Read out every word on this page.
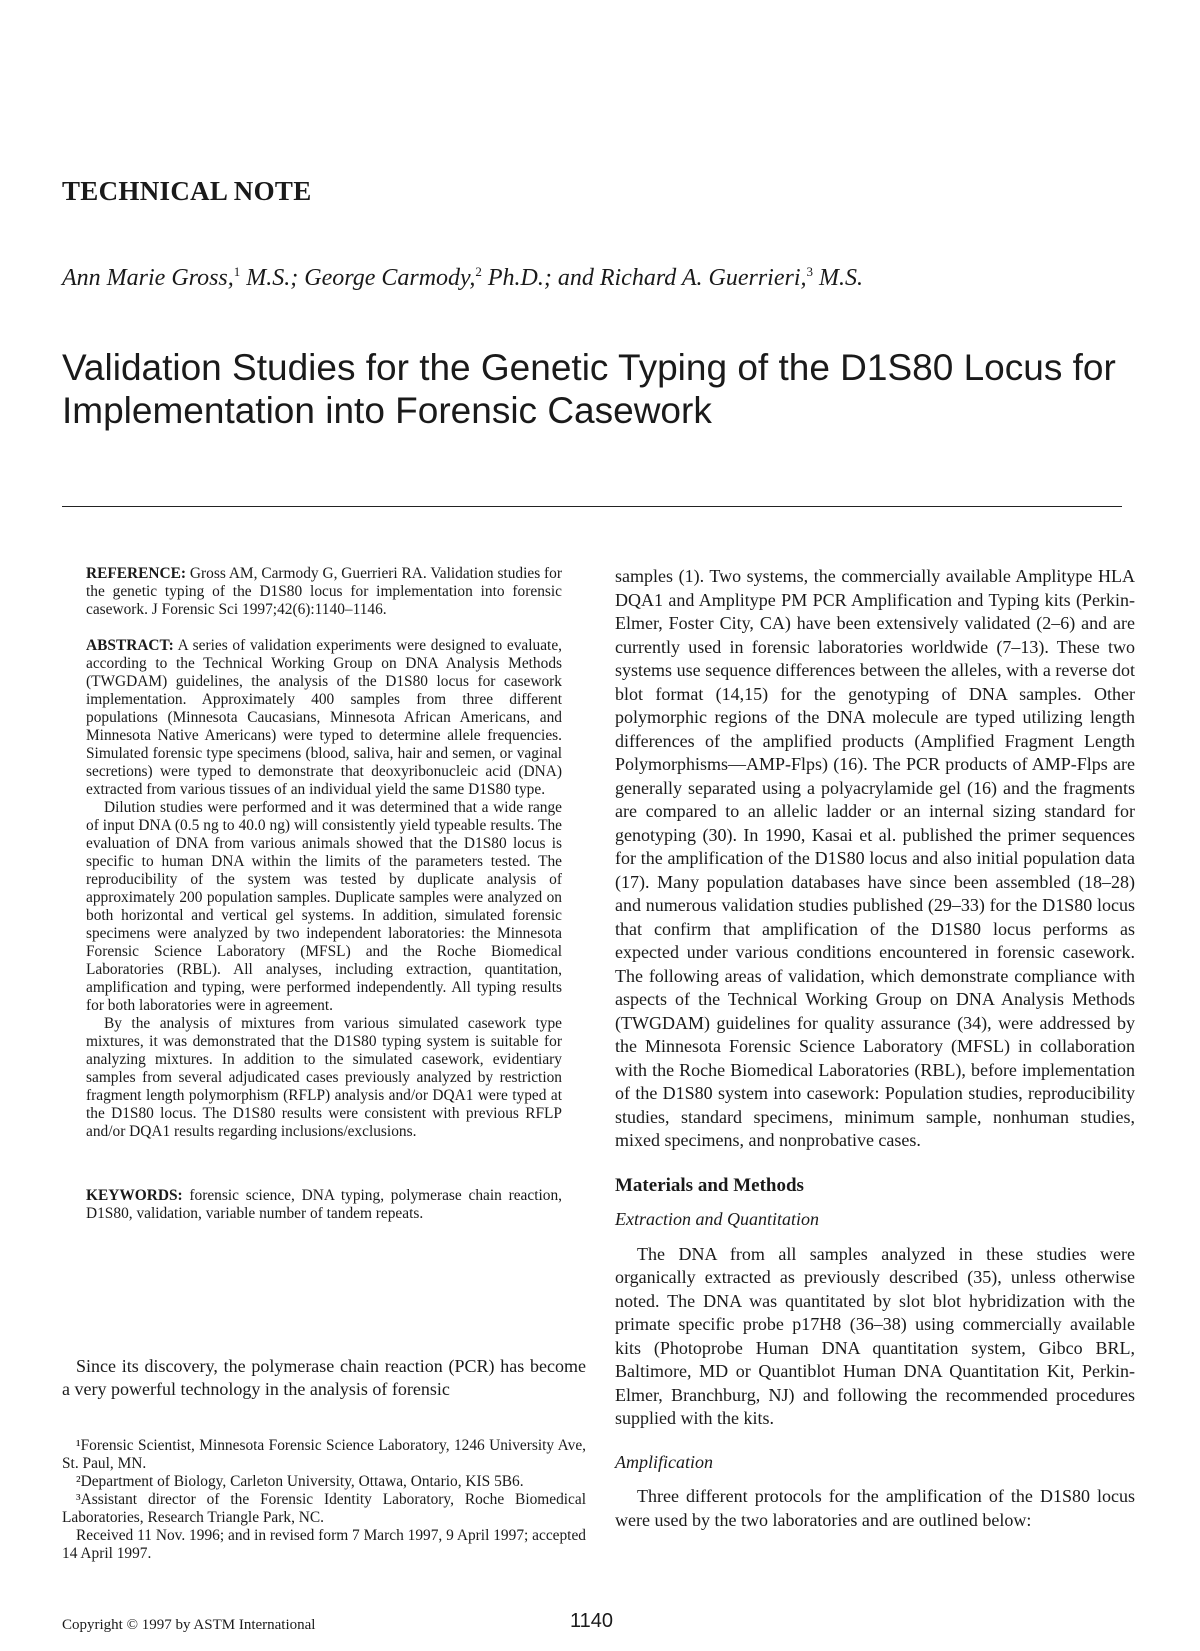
TECHNICAL NOTE
Ann Marie Gross,$^1$ M.S.; George Carmody,$^2$ Ph.D.; and Richard A. Guerrieri,$^3$ M.S.
Validation Studies for the Genetic Typing of the D1S80 Locus for Implementation into Forensic Casework

REFERENCE: Gross AM, Carmody G, Guerrieri RA. Validation studies for the genetic typing of the D1S80 locus for implementation into forensic casework. J Forensic Sci 1997;42(6):1140–1146.

ABSTRACT: A series of validation experiments were designed to evaluate, according to the Technical Working Group on DNA Analysis Methods (TWGDAM) guidelines, the analysis of the D1S80 locus for casework implementation. Approximately 400 samples from three different populations (Minnesota Caucasians, Minnesota African Americans, and Minnesota Native Americans) were typed to determine allele frequencies. Simulated forensic type specimens (blood, saliva, hair and semen, or vaginal secretions) were typed to demonstrate that deoxyribonucleic acid (DNA) extracted from various tissues of an individual yield the same D1S80 type.

Dilution studies were performed and it was determined that a wide range of input DNA (0.5 ng to 40.0 ng) will consistently yield typeable results. The evaluation of DNA from various animals showed that the D1S80 locus is specific to human DNA within the limits of the parameters tested. The reproducibility of the system was tested by duplicate analysis of approximately 200 population samples. Duplicate samples were analyzed on both horizontal and vertical gel systems. In addition, simulated forensic specimens were analyzed by two independent laboratories: the Minnesota Forensic Science Laboratory (MFSL) and the Roche Biomedical Laboratories (RBL). All analyses, including extraction, quantitation, amplification and typing, were performed independently. All typing results for both laboratories were in agreement.

By the analysis of mixtures from various simulated casework type mixtures, it was demonstrated that the D1S80 typing system is suitable for analyzing mixtures. In addition to the simulated casework, evidentiary samples from several adjudicated cases previously analyzed by restriction fragment length polymorphism (RFLP) analysis and/or DQA1 were typed at the D1S80 locus. The D1S80 results were consistent with previous RFLP and/or DQA1 results regarding inclusions/exclusions.

KEYWORDS: forensic science, DNA typing, polymerase chain reaction, D1S80, validation, variable number of tandem repeats.

Since its discovery, the polymerase chain reaction (PCR) has become a very powerful technology in the analysis of forensic

¹Forensic Scientist, Minnesota Forensic Science Laboratory, 1246 University Ave, St. Paul, MN.

²Department of Biology, Carleton University, Ottawa, Ontario, KIS 5B6.

³Assistant director of the Forensic Identity Laboratory, Roche Biomedical Laboratories, Research Triangle Park, NC.

Received 11 Nov. 1996; and in revised form 7 March 1997, 9 April 1997; accepted 14 April 1997.

samples (1). Two systems, the commercially available Amplitype HLA DQA1 and Amplitype PM PCR Amplification and Typing kits (Perkin-Elmer, Foster City, CA) have been extensively validated (2–6) and are currently used in forensic laboratories worldwide (7–13). These two systems use sequence differences between the alleles, with a reverse dot blot format (14,15) for the genotyping of DNA samples. Other polymorphic regions of the DNA molecule are typed utilizing length differences of the amplified products (Amplified Fragment Length Polymorphisms—AMP-Flps) (16). The PCR products of AMP-Flps are generally separated using a polyacrylamide gel (16) and the fragments are compared to an allelic ladder or an internal sizing standard for genotyping (30). In 1990, Kasai et al. published the primer sequences for the amplification of the D1S80 locus and also initial population data (17). Many population databases have since been assembled (18–28) and numerous validation studies published (29–33) for the D1S80 locus that confirm that amplification of the D1S80 locus performs as expected under various conditions encountered in forensic casework. The following areas of validation, which demonstrate compliance with aspects of the Technical Working Group on DNA Analysis Methods (TWGDAM) guidelines for quality assurance (34), were addressed by the Minnesota Forensic Science Laboratory (MFSL) in collaboration with the Roche Biomedical Laboratories (RBL), before implementation of the D1S80 system into casework: Population studies, reproducibility studies, standard specimens, minimum sample, nonhuman studies, mixed specimens, and nonprobative cases.

Materials and Methods
Extraction and Quantitation

The DNA from all samples analyzed in these studies were organically extracted as previously described (35), unless otherwise noted. The DNA was quantitated by slot blot hybridization with the primate specific probe p17H8 (36–38) using commercially available kits (Photoprobe Human DNA quantitation system, Gibco BRL, Baltimore, MD or Quantiblot Human DNA Quantitation Kit, Perkin-Elmer, Branchburg, NJ) and following the recommended procedures supplied with the kits.

Amplification

Three different protocols for the amplification of the D1S80 locus were used by the two laboratories and are outlined below:

Copyright © 1997 by ASTM International	1140
